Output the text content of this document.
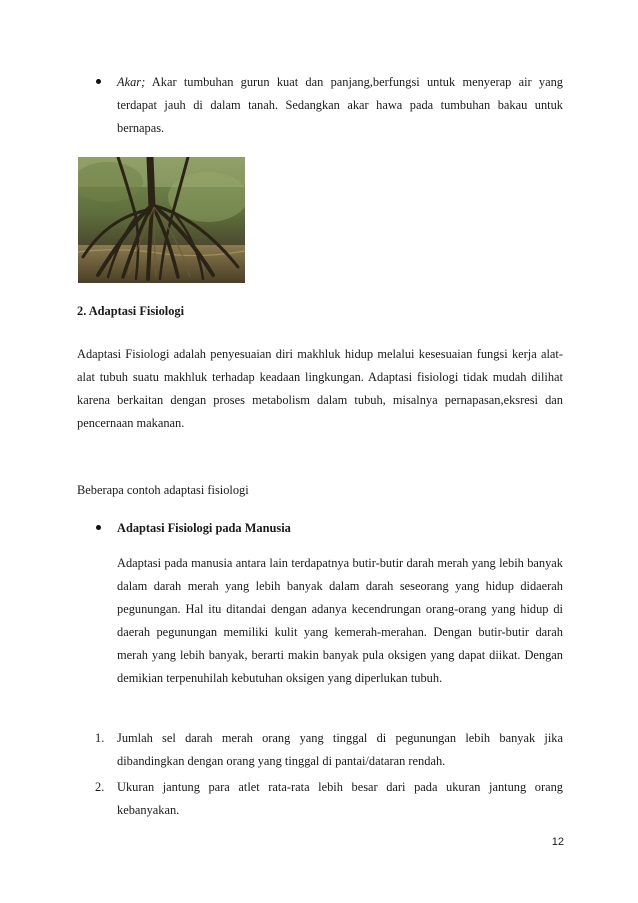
Akar; Akar tumbuhan gurun kuat dan panjang,berfungsi untuk menyerap air yang terdapat jauh di dalam tanah. Sedangkan akar hawa pada tumbuhan bakau untuk bernapas.
2. Adaptasi Fisiologi

Adaptasi Fisiologi adalah penyesuaian diri makhluk hidup melalui kesesuaian fungsi kerja alat-alat tubuh suatu makhluk terhadap keadaan lingkungan. Adaptasi fisiologi tidak mudah dilihat karena berkaitan dengan proses metabolism dalam tubuh, misalnya pernapasan,eksresi dan pencernaan makanan.

Beberapa contoh adaptasi fisiologi
Adaptasi Fisiologi pada Manusia
Adaptasi pada manusia antara lain terdapatnya butir-butir darah merah yang lebih banyak dalam darah merah yang lebih banyak dalam darah seseorang yang hidup didaerah pegunungan. Hal itu ditandai dengan adanya kecendrungan orang-orang yang hidup di daerah pegunungan memiliki kulit yang kemerah-merahan. Dengan butir-butir darah merah yang lebih banyak, berarti makin banyak pula oksigen yang dapat diikat. Dengan demikian terpenuhilah kebutuhan oksigen yang diperlukan tubuh.
1. Jumlah sel darah merah orang yang tinggal di pegunungan lebih banyak jika dibandingkan dengan orang yang tinggal di pantai/dataran rendah.
2. Ukuran jantung para atlet rata-rata lebih besar dari pada ukuran jantung orang kebanyakan.
12
